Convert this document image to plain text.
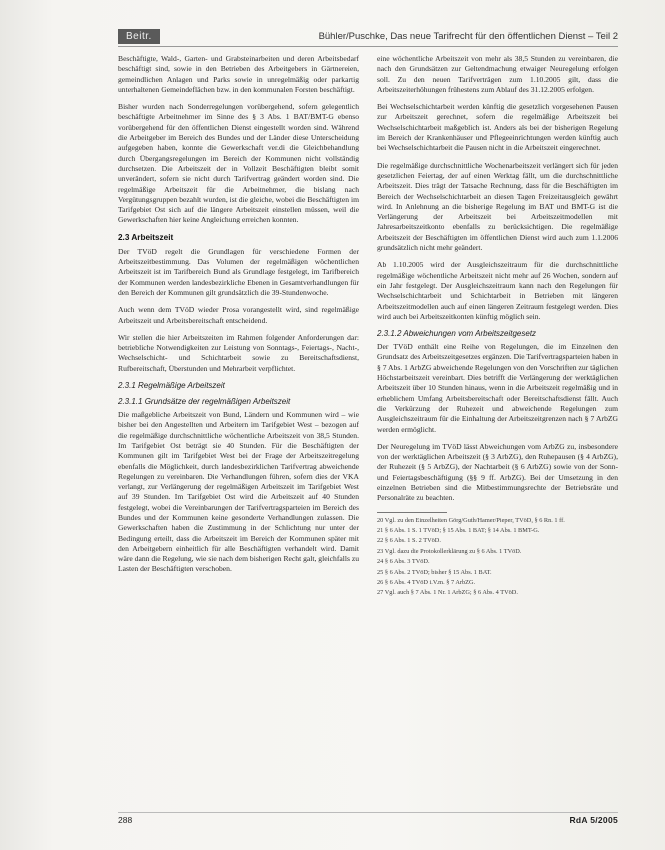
Beitr.	Bühler/Puschke, Das neue Tarifrecht für den öffentlichen Dienst – Teil 2

Beschäftigte, Wald-, Garten- und Grabsteinarbeiten und deren Arbeitsbedarf beschäftigt sind, sowie in den Betrieben des Arbeitgebers in Gärtnereien, gemeindlichen Anlagen und Parks sowie in unregelmäßig oder parkartig unterhaltenen Gemeindeflächen bzw. in den kommunalen Forsten beschäftigt.

Bisher wurden nach Sonderregelungen vorübergehend, sofern gelegentlich beschäftigte Arbeitnehmer im Sinne des § 3 Abs. 1 BAT/BMT-G ebenso vorübergehend für den öffentlichen Dienst eingestellt worden sind. Während die Arbeitgeber im Bereich des Bundes und der Länder diese Unterscheidung aufgegeben haben, konnte die Gewerkschaft ver.di die Gleichbehandlung durch Übergangsregelungen im Bereich der Kommunen nicht vollständig durchsetzen. Die Arbeitszeit der in Vollzeit Beschäftigten bleibt somit unverändert, sofern sie nicht durch Tarifvertrag geändert worden sind. Die regelmäßige Arbeitszeit für die Arbeitnehmer, die bislang nach Vergütungsgruppen bezahlt wurden, ist die gleiche, wobei die Beschäftigten im Tarifgebiet Ost sich auf die längere Arbeitszeit einstellen müssen, weil die Gewerkschaften hier keine Angleichung erreichen konnten.

2.3 Arbeitszeit

Der TVöD regelt die Grundlagen für verschiedene Formen der Arbeitszeitbestimmung. Das Volumen der regelmäßigen wöchentlichen Arbeitszeit ist im Tarifbereich Bund als Grundlage festgelegt, im Tarifbereich der Kommunen werden landesbezirkliche Ebenen in Gesamtverhandlungen für den Bereich der Kommunen gilt grundsätzlich die 39-Stundenwoche.

Auch wenn dem TVöD wieder Prosa vorangestellt wird, sind regelmäßige Arbeitszeit und Arbeitsbereitschaft entscheidend.

Wir stellen die hier Arbeitszeiten im Rahmen folgender Anforderungen dar: betriebliche Notwendigkeiten zur Leistung von Sonntags-, Feiertags-, Nacht-, Wechselschicht- und Schichtarbeit sowie zu Bereitschaftsdienst, Rufbereitschaft, Überstunden und Mehrarbeit verpflichtet.

2.3.1 Regelmäßige Arbeitszeit
2.3.1.1 Grundsätze der regelmäßigen Arbeitszeit

Die maßgebliche Arbeitszeit von Bund, Ländern und Kommunen wird – wie bisher bei den Angestellten und Arbeitern im Tarifgebiet West – bezogen auf die regelmäßige durchschnittliche wöchentliche Arbeitszeit von 38,5 Stunden. Im Tarifgebiet Ost beträgt sie 40 Stunden. Für die Beschäftigten der Kommunen gilt im Tarifgebiet West bei der Frage der Arbeitszeitregelung ebenfalls die Möglichkeit, durch landesbezirklichen Tarifvertrag abweichende Regelungen zu vereinbaren. Die Verhandlungen führen, sofern dies der VKA verlangt, zur Verlängerung der regelmäßigen Arbeitszeit im Tarifgebiet West auf 39 Stunden. Im Tarifgebiet Ost wird die Arbeitszeit auf 40 Stunden festgelegt, wobei die Vereinbarungen der Tarifvertragsparteien im Bereich des Bundes und der Kommunen keine gesonderte Verhandlungen zulassen. Die Gewerkschaften haben die Zustimmung in der Schlichtung nur unter der Bedingung erteilt, dass die Arbeitszeit im Bereich der Kommunen später mit den Arbeitgebern einheitlich für alle Beschäftigten verhandelt wird. Damit wäre dann die Regelung, wie sie nach dem bisherigen Recht galt, gleichfalls zu Lasten der Beschäftigten verschoben.

eine wöchentliche Arbeitszeit von mehr als 38,5 Stunden zu vereinbaren, die nach den Grundsätzen zur Geltendmachung etwaiger Neuregelung erfolgen soll. Zu den neuen Tarifverträgen zum 1.10.2005 gilt, dass die Arbeitszeiterhöhungen frühestens zum Ablauf des 31.12.2005 erfolgen.

Bei Wechselschichtarbeit werden künftig die gesetzlich vorgesehenen Pausen zur Arbeitszeit gerechnet, sofern die regelmäßige Arbeitszeit bei Wechselschichtarbeit maßgeblich ist. Anders als bei der bisherigen Regelung im Bereich der Krankenhäuser und Pflegeeinrichtungen werden künftig auch bei Wechselschichtarbeit die Pausen nicht in die Arbeitszeit eingerechnet.

Die regelmäßige durchschnittliche Wochenarbeitszeit verlängert sich für jeden gesetzlichen Feiertag, der auf einen Werktag fällt, um die durchschnittliche Arbeitszeit. Dies trägt der Tatsache Rechnung, dass für die Beschäftigten im Bereich der Wechselschichtarbeit an diesen Tagen Freizeitausgleich gewährt wird. In Anlehnung an die bisherige Regelung im BAT und BMT-G ist die Verlängerung der Arbeitszeit bei Arbeitszeitmodellen mit Jahresarbeitszeitkonto ebenfalls zu berücksichtigen. Die regelmäßige Arbeitszeit der Beschäftigten im öffentlichen Dienst wird auch zum 1.1.2006 grundsätzlich nicht mehr geändert.

Ab 1.10.2005 wird der Ausgleichszeitraum für die durchschnittliche regelmäßige wöchentliche Arbeitszeit nicht mehr auf 26 Wochen, sondern auf ein Jahr festgelegt. Der Ausgleichszeitraum kann nach den Regelungen für Wechselschichtarbeit und Schichtarbeit in Betrieben mit längeren Arbeitszeitmodellen auch auf einen längeren Zeitraum festgelegt werden. Dies wird auch bei Arbeitszeitkonten künftig möglich sein.

2.3.1.2 Abweichungen vom Arbeitszeitgesetz

Der TVöD enthält eine Reihe von Regelungen, die im Einzelnen den Grundsatz des Arbeitszeitgesetzes ergänzen. Die Tarifvertragsparteien haben in § 7 Abs. 1 ArbZG abweichende Regelungen von den Vorschriften zur täglichen Höchstarbeitszeit vereinbart. Dies betrifft die Verlängerung der werktäglichen Arbeitszeit über 10 Stunden hinaus, wenn in die Arbeitszeit regelmäßig und in erheblichem Umfang Arbeitsbereitschaft oder Bereitschaftsdienst fällt. Auch die Verkürzung der Ruhezeit und abweichende Regelungen zum Ausgleichszeitraum für die Einhaltung der Arbeitszeitgrenzen nach § 7 ArbZG werden ermöglicht.

Der Neuregelung im TVöD lässt Abweichungen vom ArbZG zu, insbesondere von der werktäglichen Arbeitszeit (§ 3 ArbZG), den Ruhepausen (§ 4 ArbZG), der Ruhezeit (§ 5 ArbZG), der Nachtarbeit (§ 6 ArbZG) sowie von der Sonn- und Feiertagsbeschäftigung (§§ 9 ff. ArbZG). Bei der Umsetzung in den einzelnen Betrieben sind die Mitbestimmungsrechte der Betriebsräte und Personalräte zu beachten.

20 Vgl. zu den Einzelheiten Görg/Guth/Hamer/Pieper, TVöD, § 6 Rn. 1 ff.

21 § 6 Abs. 1 S. 1 TVöD; § 15 Abs. 1 BAT; § 14 Abs. 1 BMT-G.

22 § 6 Abs. 1 S. 2 TVöD.

23 Vgl. dazu die Protokollerklärung zu § 6 Abs. 1 TVöD.

24 § 6 Abs. 3 TVöD.

25 § 6 Abs. 2 TVöD; bisher § 15 Abs. 1 BAT.

26 § 6 Abs. 4 TVöD i.V.m. § 7 ArbZG.

27 Vgl. auch § 7 Abs. 1 Nr. 1 ArbZG; § 6 Abs. 4 TVöD.

288	RdA 5/2005
